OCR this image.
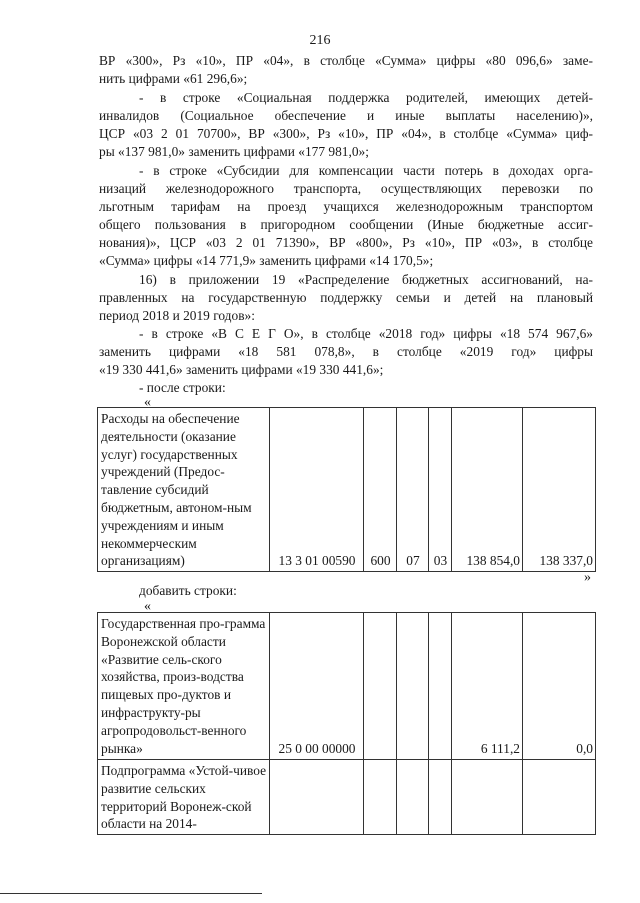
216

ВР «300», Рз «10», ПР «04», в столбце «Сумма» цифры «80 096,6» заме-

нить цифрами «61 296,6»;

- в строке «Социальная поддержка родителей, имеющих детей-

инвалидов (Социальное обеспечение и иные выплаты населению)»,

ЦСР «03 2 01 70700», ВР «300», Рз «10», ПР «04», в столбце «Сумма» циф-

ры «137 981,0» заменить цифрами «177 981,0»;

- в строке «Субсидии для компенсации части потерь в доходах орга-

низаций железнодорожного транспорта, осуществляющих перевозки по

льготным тарифам на проезд учащихся железнодорожным транспортом

общего пользования в пригородном сообщении (Иные бюджетные ассиг-

нования)», ЦСР «03 2 01 71390», ВР «800», Рз «10», ПР «03», в столбце

«Сумма» цифры «14 771,9» заменить цифрами «14 170,5»;

16) в приложении 19 «Распределение бюджетных ассигнований, на-

правленных на государственную поддержку семьи и детей на плановый

период 2018 и 2019 годов»:

- в строке «В С Е Г О», в столбце «2018 год» цифры «18 574 967,6»

заменить цифрами «18 581 078,8», в столбце «2019 год» цифры

«19 330 441,6» заменить цифрами «19 330 441,6»;

- после строки:

«
Расходы на обеспечение деятельности (оказание услуг) государственных учреждений (Предос-тавление субсидий бюджетным, автоном-ным учреждениям и иным некоммерческим организациям)	13 3 01 00590	600	07	03	138 854,0	138 337,0
»

добавить строки:

«
Государственная про-грамма Воронежской области «Развитие сель-ского хозяйства, произ-водства пищевых про-дуктов и инфраструкту-ры агропродовольст-венного рынка»	25 0 00 00000				6 111,2	0,0
Подпрограмма «Устой-чивое развитие сельских территорий Воронеж-ской области на 2014-						
